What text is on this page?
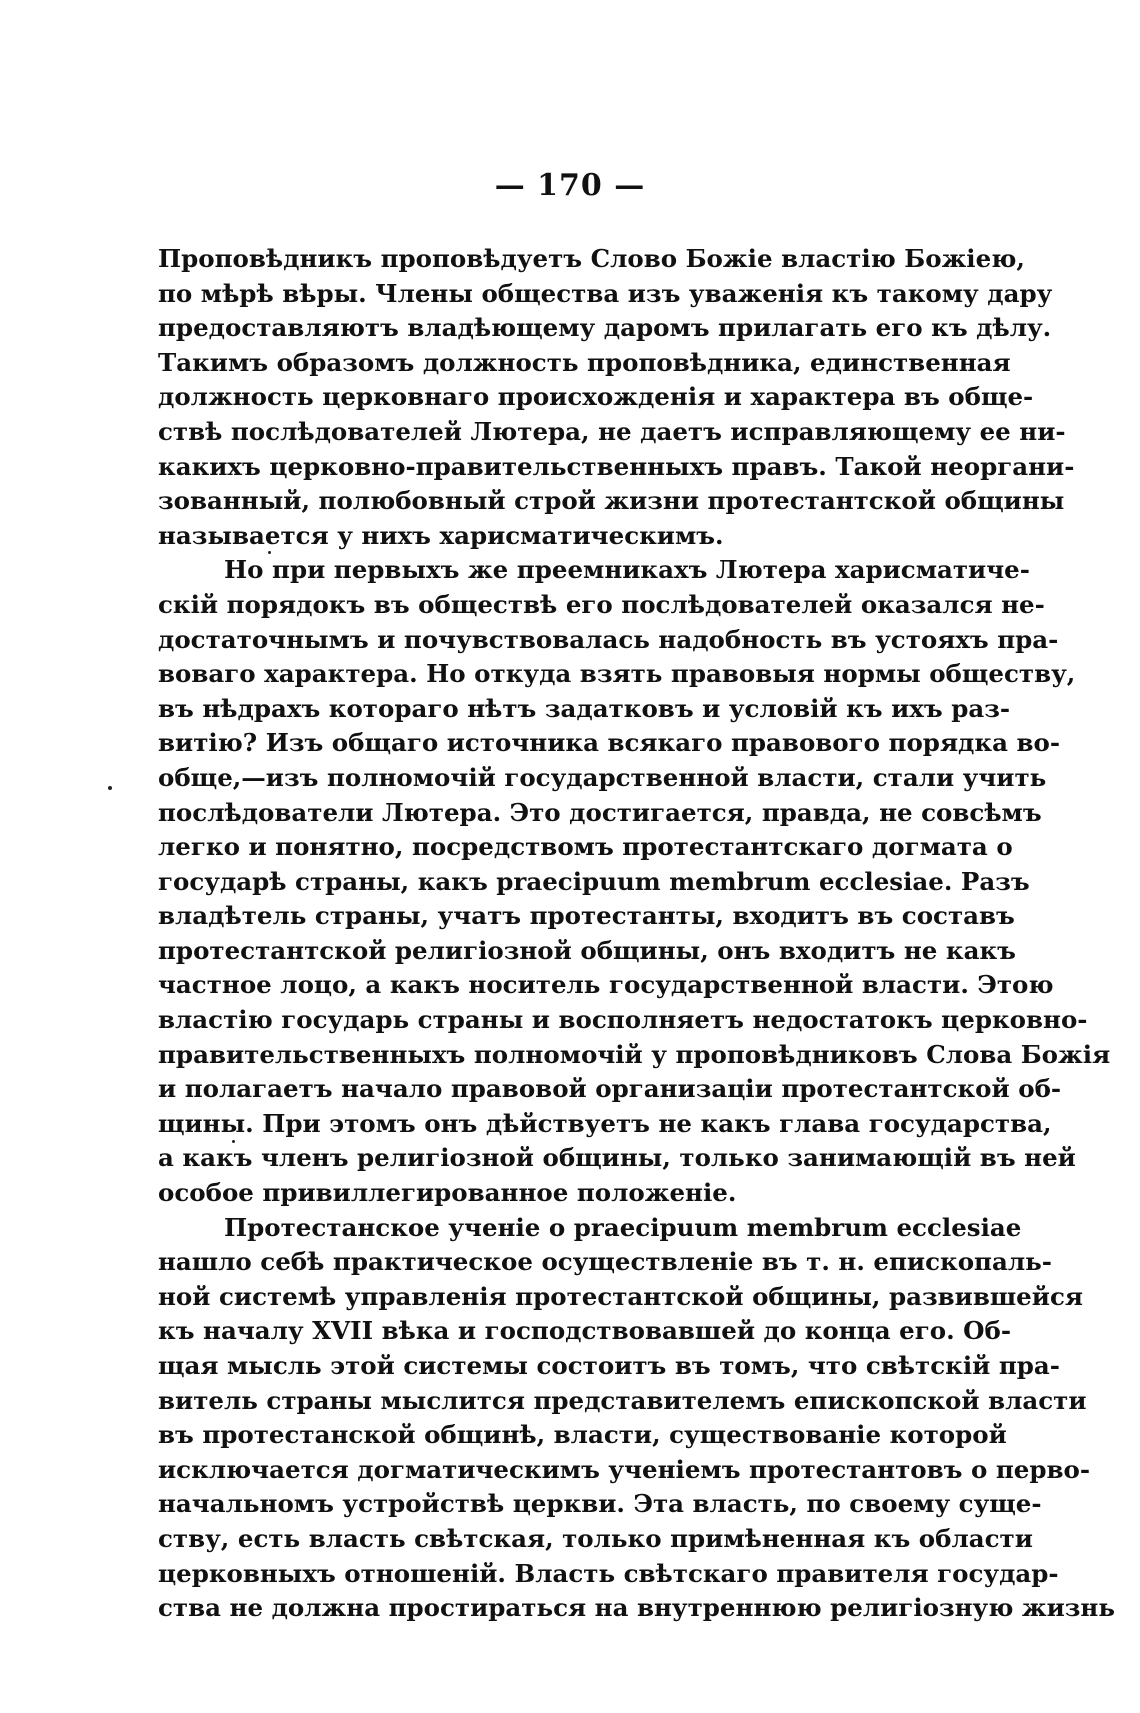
— 170 —
Проповѣдникъ проповѣдуетъ Слово Божіе властію Божіею,
по мѣрѣ вѣры. Члены общества изъ уваженія къ такому дару
предоставляютъ владѣющему даромъ прилагать его къ дѣлу.
Такимъ образомъ должность проповѣдника, единственная
должность церковнаго происхожденія и характера въ обще-
ствѣ послѣдователей Лютера, не даетъ исправляющему ее ни-
какихъ церковно-правительственныхъ правъ. Такой неоргани-
зованный, полюбовный строй жизни протестантской общины
называется у нихъ харисматическимъ.
Но при первыхъ же преемникахъ Лютера харисматиче-
скій порядокъ въ обществѣ его послѣдователей оказался не-
достаточнымъ и почувствовалась надобность въ устояхъ пра-
воваго характера. Но откуда взять правовыя нормы обществу,
въ нѣдрахъ котораго нѣтъ задатковъ и условій къ ихъ раз-
витію? Изъ общаго источника всякаго правового порядка во-
обще,—изъ полномочій государственной власти, стали учить
послѣдователи Лютера. Это достигается, правда, не совсѣмъ
легко и понятно, посредствомъ протестантскаго догмата о
государѣ страны, какъ praecipuum membrum ecclesiae. Разъ
владѣтель страны, учатъ протестанты, входитъ въ составъ
протестантской религіозной общины, онъ входитъ не какъ
частное лоцо, а какъ носитель государственной власти. Этою
властію государь страны и восполняетъ недостатокъ церковно-
правительственныхъ полномочій у проповѣдниковъ Слова Божія
и полагаетъ начало правовой организаціи протестантской об-
щины. При этомъ онъ дѣйствуетъ не какъ глава государства,
а какъ членъ религіозной общины, только занимающій въ ней
особое привиллегированное положеніе.
Протестанское ученіе о praecipuum membrum ecclesiae
нашло себѣ практическое осуществленіе въ т. н. епископаль-
ной системѣ управленія протестантской общины, развившейся
къ началу XVII вѣка и господствовавшей до конца его. Об-
щая мысль этой системы состоитъ въ томъ, что свѣтскій пра-
витель страны мыслится представителемъ епископской власти
въ протестанской общинѣ, власти, существованіе которой
исключается догматическимъ ученіемъ протестантовъ о перво-
начальномъ устройствѣ церкви. Эта власть, по своему суще-
ству, есть власть свѣтская, только примѣненная къ области
церковныхъ отношеній. Власть свѣтскаго правителя государ-
ства не должна простираться на внутреннюю религіозную жизнь
